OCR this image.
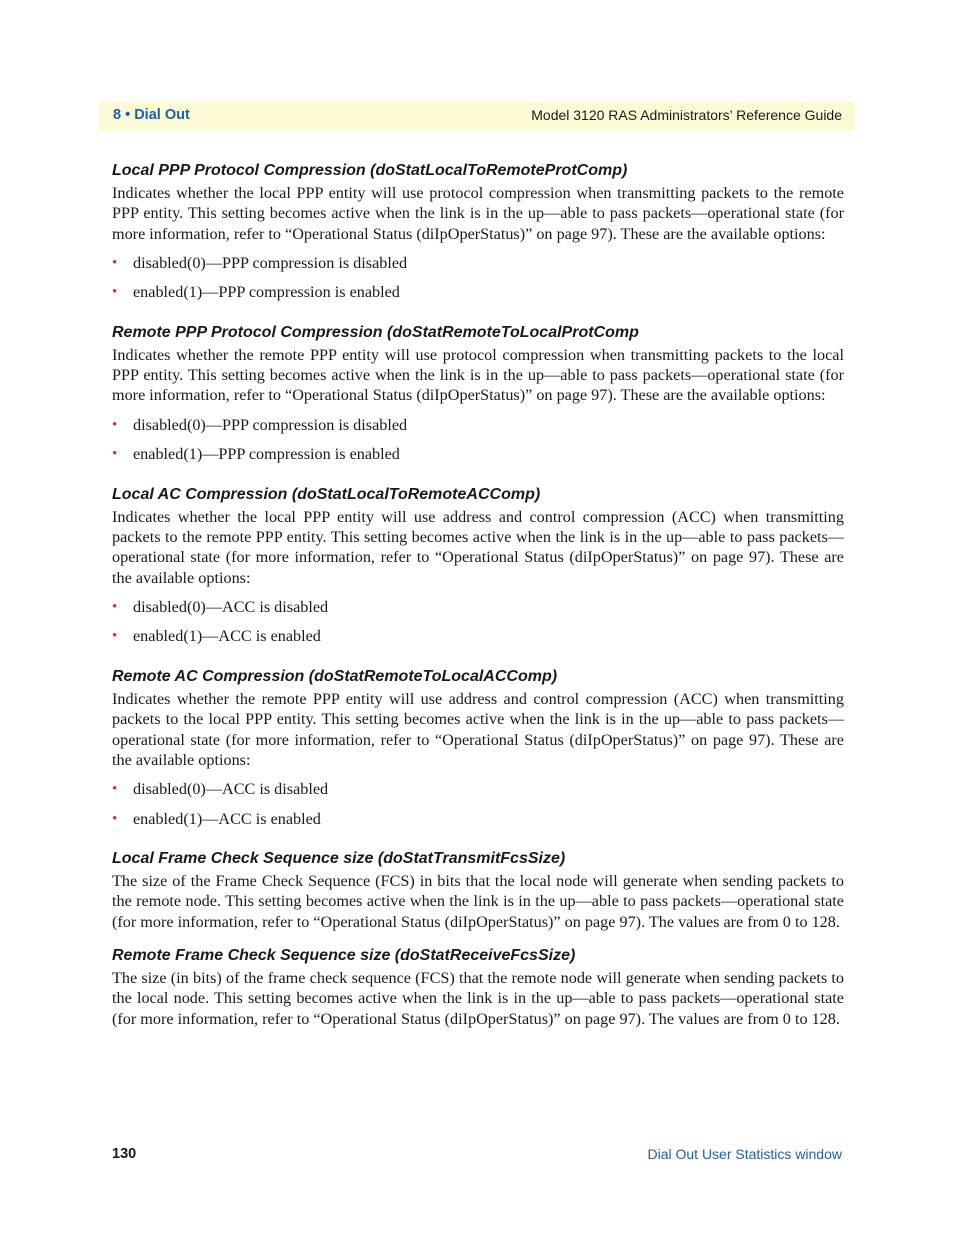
8 • Dial Out	Model 3120 RAS Administrators’ Reference Guide
Local PPP Protocol Compression (doStatLocalToRemoteProtComp)

Indicates whether the local PPP entity will use protocol compression when transmitting packets to the remote PPP entity. This setting becomes active when the link is in the up—able to pass packets—operational state (for more information, refer to “Operational Status (diIpOperStatus)” on page 97). These are the available options:

• disabled(0)—PPP compression is disabled
• enabled(1)—PPP compression is enabled
Remote PPP Protocol Compression (doStatRemoteToLocalProtComp

Indicates whether the remote PPP entity will use protocol compression when transmitting packets to the local PPP entity. This setting becomes active when the link is in the up—able to pass packets—operational state (for more information, refer to “Operational Status (diIpOperStatus)” on page 97). These are the available options:

• disabled(0)—PPP compression is disabled
• enabled(1)—PPP compression is enabled
Local AC Compression (doStatLocalToRemoteACComp)

Indicates whether the local PPP entity will use address and control compression (ACC) when transmitting packets to the remote PPP entity. This setting becomes active when the link is in the up—able to pass packets—operational state (for more information, refer to “Operational Status (diIpOperStatus)” on page 97). These are the available options:

• disabled(0)—ACC is disabled
• enabled(1)—ACC is enabled
Remote AC Compression (doStatRemoteToLocalACComp)

Indicates whether the remote PPP entity will use address and control compression (ACC) when transmitting packets to the local PPP entity. This setting becomes active when the link is in the up—able to pass packets—operational state (for more information, refer to “Operational Status (diIpOperStatus)” on page 97). These are the available options:

• disabled(0)—ACC is disabled
• enabled(1)—ACC is enabled
Local Frame Check Sequence size (doStatTransmitFcsSize)

The size of the Frame Check Sequence (FCS) in bits that the local node will generate when sending packets to the remote node. This setting becomes active when the link is in the up—able to pass packets—operational state (for more information, refer to “Operational Status (diIpOperStatus)” on page 97). The values are from 0 to 128.

Remote Frame Check Sequence size (doStatReceiveFcsSize)

The size (in bits) of the frame check sequence (FCS) that the remote node will generate when sending packets to the local node. This setting becomes active when the link is in the up—able to pass packets—operational state (for more information, refer to “Operational Status (diIpOperStatus)” on page 97). The values are from 0 to 128.

130	Dial Out User Statistics window
